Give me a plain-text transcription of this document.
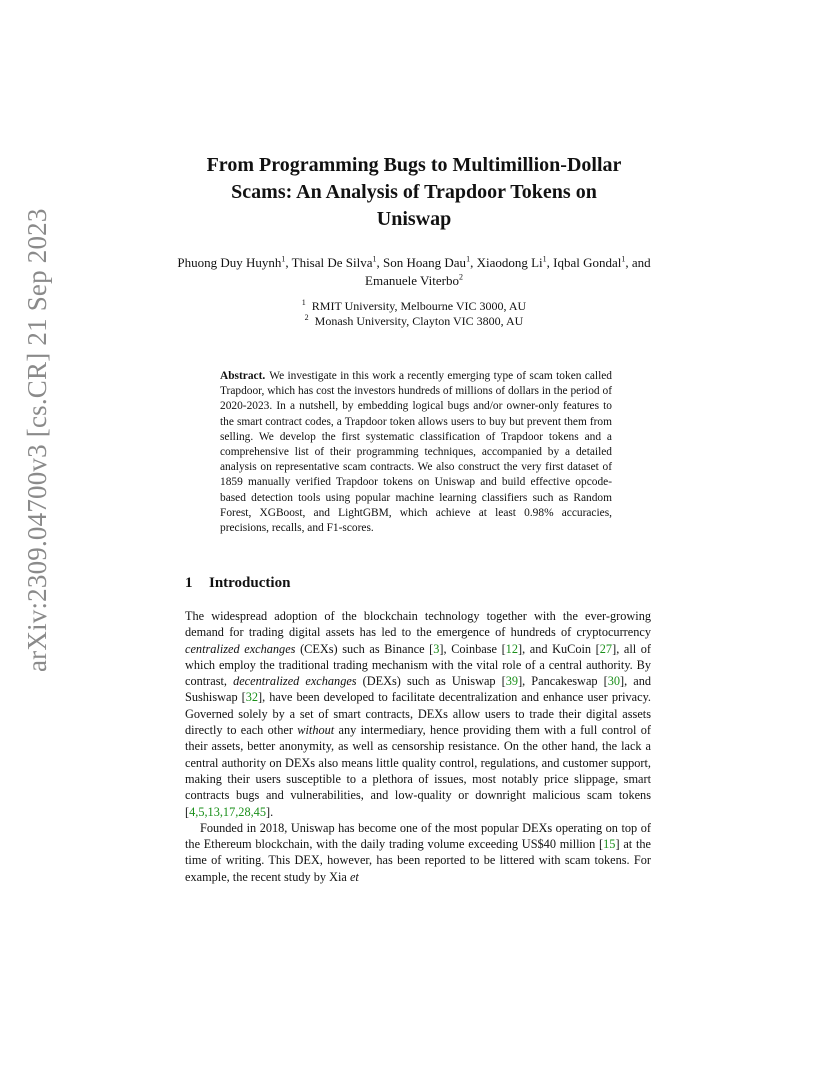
arXiv:2309.04700v3 [cs.CR] 21 Sep 2023
From Programming Bugs to Multimillion-Dollar
Scams: An Analysis of Trapdoor Tokens on
Uniswap
Phuong Duy Huynh$^1$, Thisal De Silva$^1$, Son Hoang Dau$^1$, Xiaodong Li$^1$, Iqbal Gondal$^1$, and Emanuele Viterbo$^2$
$^1$ RMIT University, Melbourne VIC 3000, AU
$^2$ Monash University, Clayton VIC 3800, AU
Abstract. We investigate in this work a recently emerging type of scam token called Trapdoor, which has cost the investors hundreds of millions of dollars in the period of 2020-2023. In a nutshell, by embedding logical bugs and/or owner-only features to the smart contract codes, a Trapdoor token allows users to buy but prevent them from selling. We develop the first systematic classification of Trapdoor tokens and a comprehensive list of their programming techniques, accompanied by a detailed analysis on representative scam contracts. We also construct the very first dataset of 1859 manually verified Trapdoor tokens on Uniswap and build effective opcode-based detection tools using popular machine learning classifiers such as Random Forest, XGBoost, and LightGBM, which achieve at least 0.98% accuracies, precisions, recalls, and F1-scores.
1 Introduction

The widespread adoption of the blockchain technology together with the ever-growing demand for trading digital assets has led to the emergence of hundreds of cryptocurrency centralized exchanges (CEXs) such as Binance [ 3 ] , Coinbase [ 12 ] , and KuCoin [ 27 ] , all of which employ the traditional trading mechanism with the vital role of a central authority. By contrast, decentralized exchanges (DEXs) such as Uniswap [ 39 ] , Pancakeswap [ 30 ] , and Sushiswap [ 32 ] , have been developed to facilitate decentralization and enhance user privacy. Governed solely by a set of smart contracts, DEXs allow users to trade their digital assets directly to each other without any intermediary, hence providing them with a full control of their assets, better anonymity, as well as censorship resistance. On the other hand, the lack a central authority on DEXs also means little quality control, regulations, and customer support, making their users susceptible to a plethora of issues, most notably price slippage, smart contracts bugs and vulnerabilities, and low-quality or downright malicious scam tokens [ 4,5,13,17,28,45 ] .

Founded in 2018, Uniswap has become one of the most popular DEXs operating on top of the Ethereum blockchain, with the daily trading volume exceeding US$40 million [ 15 ] at the time of writing. This DEX, however, has been reported to be littered with scam tokens. For example, the recent study by Xia et
